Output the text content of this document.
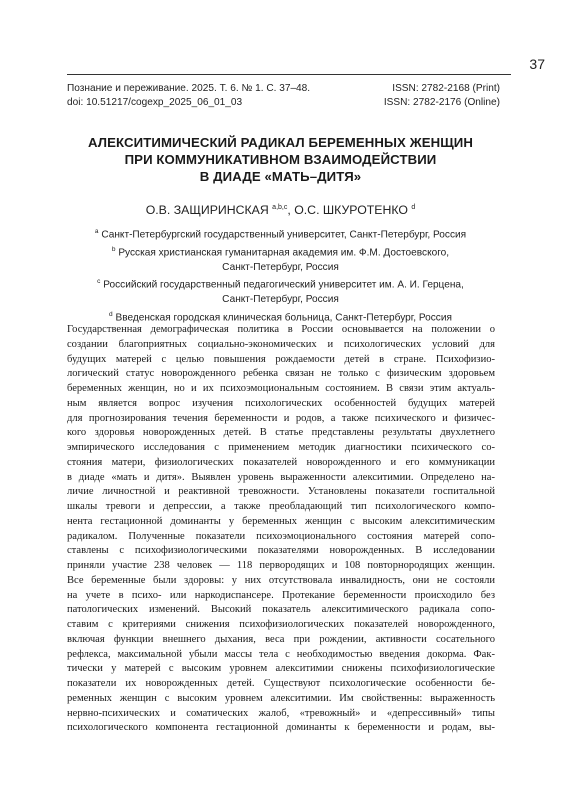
37
Познание и переживание. 2025. Т. 6. № 1. С. 37–48.	ISSN: 2782-2168 (Print)
doi: 10.51217/cogexp_2025_06_01_03	ISSN: 2782-2176 (Online)
АЛЕКСИТИМИЧЕСКИЙ РАДИКАЛ БЕРЕМЕННЫХ ЖЕНЩИН
ПРИ КОММУНИКАТИВНОМ ВЗАИМОДЕЙСТВИИ
В ДИАДЕ «МАТЬ–ДИТЯ»
О.В. ЗАЩИРИНСКАЯ $^{a,b,c}$, О.С. ШКУРОТЕНКО $^d$
$^a$ Санкт-Петербургский государственный университет, Санкт-Петербург, Россия
$^b$ Русская христианская гуманитарная академия им. Ф.М. Достоевского,
Санкт-Петербург, Россия
$^c$ Российский государственный педагогический университет им. А. И. Герцена,
Санкт-Петербург, Россия
$^d$ Введенская городская клиническая больница, Санкт-Петербург, Россия
Государственная демографическая политика в России основывается на положении о
создании благоприятных социально-экономических и психологических условий для
будущих матерей с целью повышения рождаемости детей в стране. Психофизио-
логический статус новорожденного ребенка связан не только с физическим здоровьем
беременных женщин, но и их психоэмоциональным состоянием. В связи этим актуаль-
ным является вопрос изучения психологических особенностей будущих матерей
для прогнозирования течения беременности и родов, а также психического и физичес-
кого здоровья новорожденных детей. В статье представлены результаты двухлетнего
эмпирического исследования с применением методик диагностики психического со-
стояния матери, физиологических показателей новорожденного и его коммуникации
в диаде «мать и дитя». Выявлен уровень выраженности алекситимии. Определено на-
личие личностной и реактивной тревожности. Установлены показатели госпитальной
шкалы тревоги и депрессии, а также преобладающий тип психологического компо-
нента гестационной доминанты у беременных женщин с высоким алекситимическим
радикалом. Полученные показатели психоэмоционального состояния матерей сопо-
ставлены с психофизиологическими показателями новорожденных. В исследовании
приняли участие 238 человек — 118 первородящих и 108 повторнородящих женщин.
Все беременные были здоровы: у них отсутствовала инвалидность, они не состояли
на учете в психо- или наркодиспансере. Протекание беременности происходило без
патологических изменений. Высокий показатель алекситимического радикала сопо-
ставим с критериями снижения психофизиологических показателей новорожденного,
включая функции внешнего дыхания, веса при рождении, активности сосательного
рефлекса, максимальной убыли массы тела с необходимостью введения докорма. Фак-
тически у матерей с высоким уровнем алекситимии снижены психофизиологические
показатели их новорожденных детей. Существуют психологические особенности бе-
ременных женщин с высоким уровнем алекситимии. Им свойственны: выраженность
нервно-психических и соматических жалоб, «тревожный» и «депрессивный» типы
психологического компонента гестационной доминанты к беременности и родам, вы-
